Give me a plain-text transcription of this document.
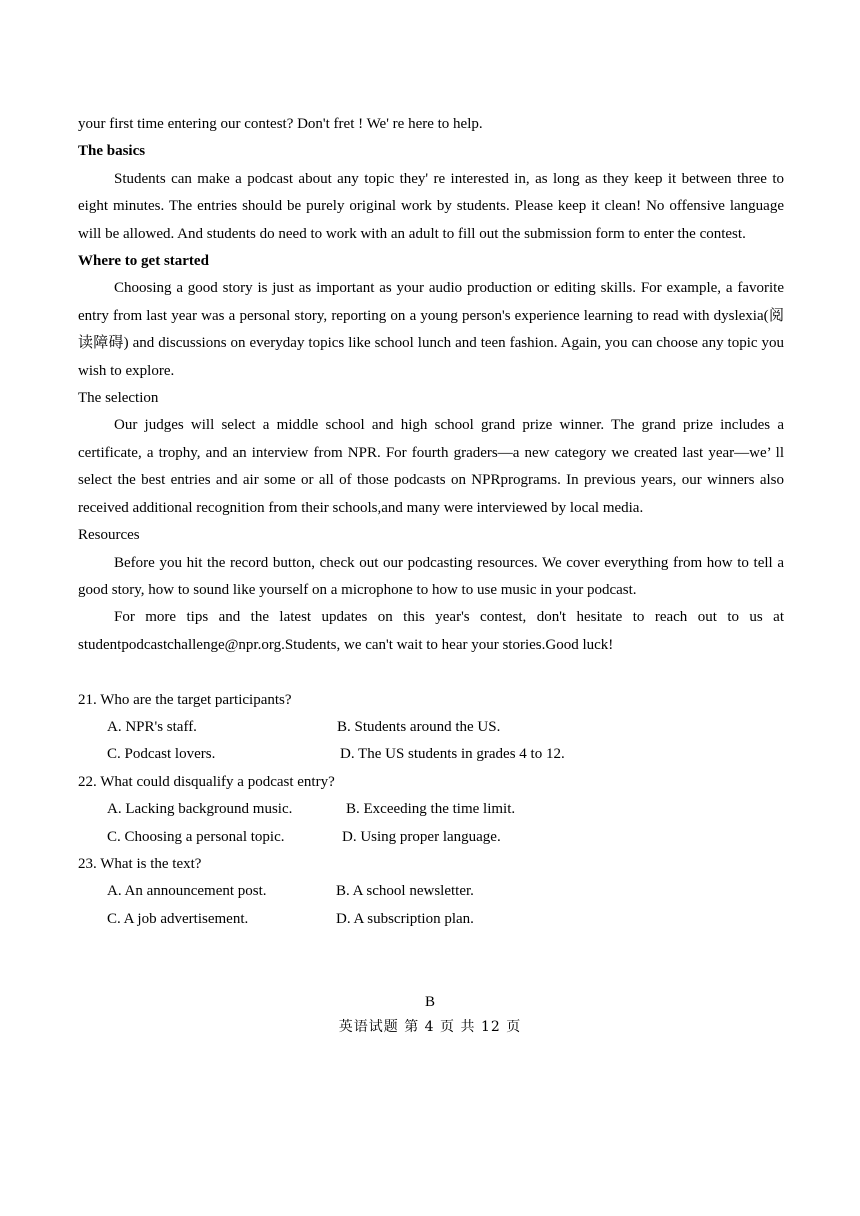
your first time entering our contest? Don't fret ! We' re here to help.

The basics

Students can make a podcast about any topic they' re interested in, as long as they keep it between three to eight minutes. The entries should be purely original work by students. Please keep it clean! No offensive language will be allowed. And students do need to work with an adult to fill out the submission form to enter the contest.

Where to get started

Choosing a good story is just as important as your audio production or editing skills. For example, a favorite entry from last year was a personal story, reporting on a young person's experience learning to read with dyslexia(阅读障碍) and discussions on everyday topics like school lunch and teen fashion. Again, you can choose any topic you wish to explore.

The selection

Our judges will select a middle school and high school grand prize winner. The grand prize includes a certificate, a trophy, and an interview from NPR. For fourth graders—a new category we created last year—we’ ll select the best entries and air some or all of those podcasts on NPRprograms. In previous years, our winners also received additional recognition from their schools,and many were interviewed by local media.

Resources

Before you hit the record button, check out our podcasting resources. We cover everything from how to tell a good story, how to sound like yourself on a microphone to how to use music in your podcast.

For more tips and the latest updates on this year's contest, don't hesitate to reach out to us at studentpodcastchallenge@npr.org.Students, we can't wait to hear your stories.Good luck!

21. Who are the target participants?

A. NPR's staff.	B. Students around the US.
C. Podcast lovers.	D. The US students in grades 4 to 12.

22. What could disqualify a podcast entry?

A. Lacking background music.	B. Exceeding the time limit.
C. Choosing a personal topic.	D. Using proper language.

23. What is the text?

A. An announcement post.	B. A school newsletter.
C. A job advertisement.	D. A subscription plan.
B
英语试题 第 4 页 共 12 页
